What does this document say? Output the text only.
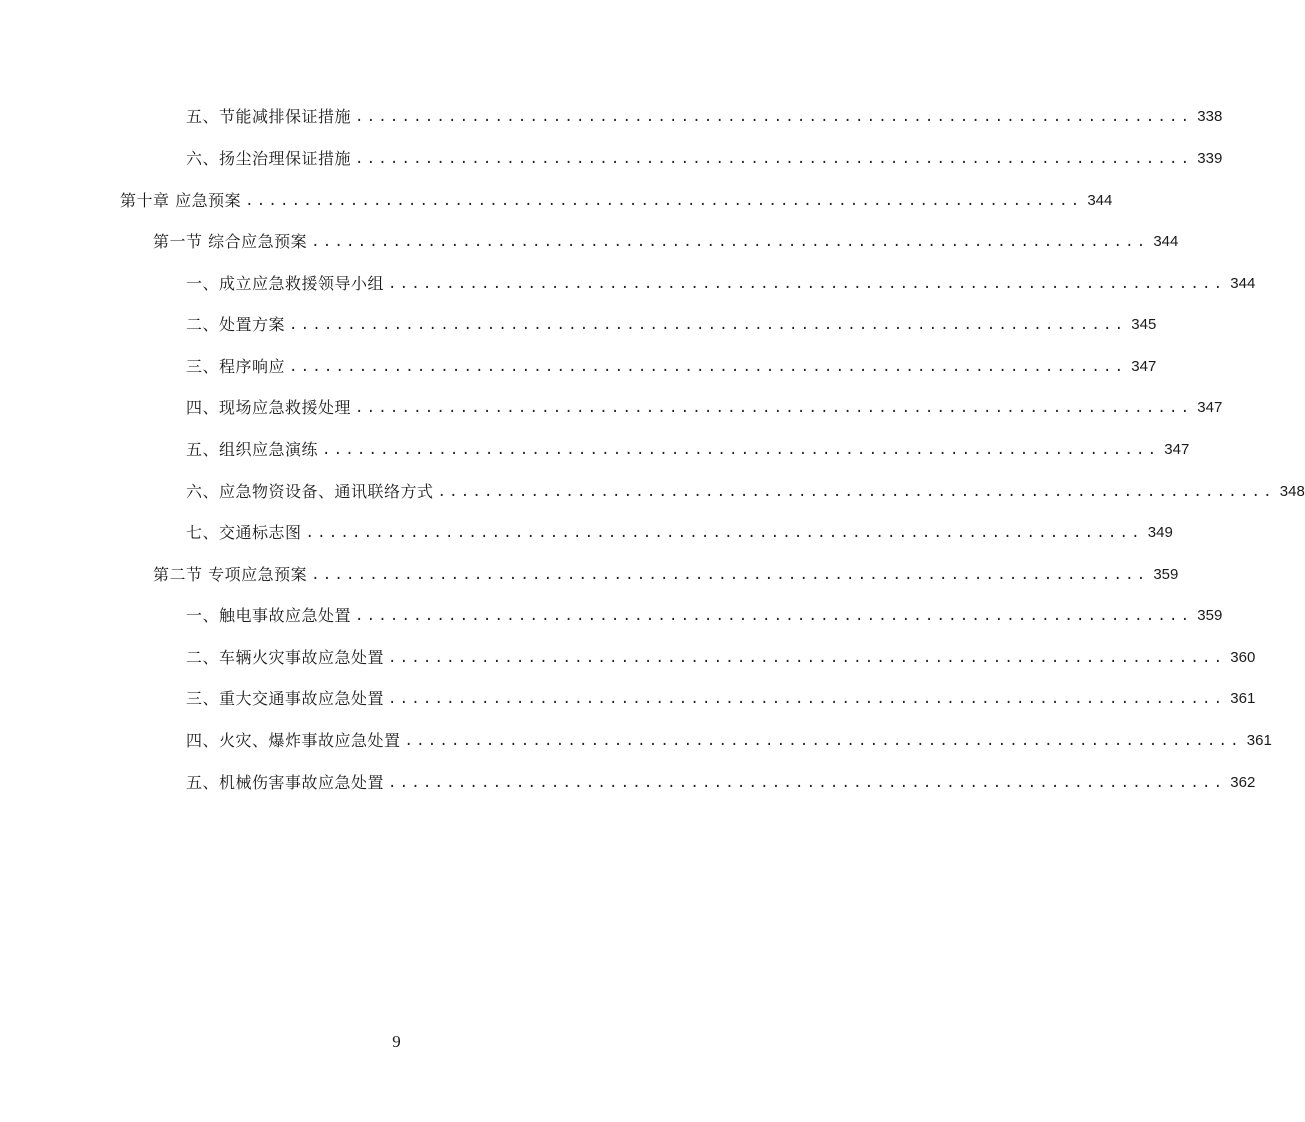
五、节能减排保证措施 ........................................................................ 338
六、扬尘治理保证措施 ........................................................................ 339
第十章 应急预案 ........................................................................ 344
第一节 综合应急预案 ........................................................................ 344
一、成立应急救援领导小组 ........................................................................ 344
二、处置方案 ........................................................................ 345
三、程序响应 ........................................................................ 347
四、现场应急救援处理 ........................................................................ 347
五、组织应急演练 ........................................................................ 347
六、应急物资设备、通讯联络方式 ........................................................................ 348
七、交通标志图 ........................................................................ 349
第二节 专项应急预案 ........................................................................ 359
一、触电事故应急处置 ........................................................................ 359
二、车辆火灾事故应急处置 ........................................................................ 360
三、重大交通事故应急处置 ........................................................................ 361
四、火灾、爆炸事故应急处置 ........................................................................ 361
五、机械伤害事故应急处置 ........................................................................ 362
9
